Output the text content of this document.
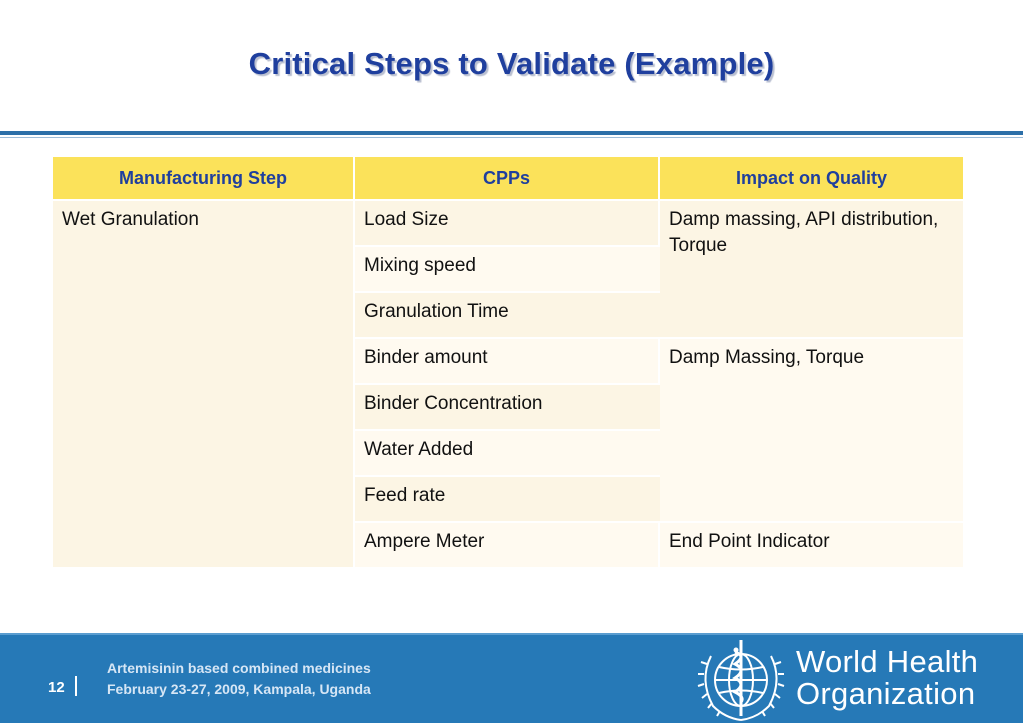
Critical Steps to Validate (Example)
Manufacturing Step	CPPs	Impact on Quality

Wet Granulation	Load Size	Damp massing, API distribution, Torque

	Mixing speed	

	Granulation Time	

	Binder amount	Damp Massing, Torque

	Binder Concentration	

	Water Added	

	Feed rate	

	Ampere Meter	End Point Indicator
12
Artemisinin based combined medicines
February 23-27, 2009, Kampala, Uganda
World Health
Organization
